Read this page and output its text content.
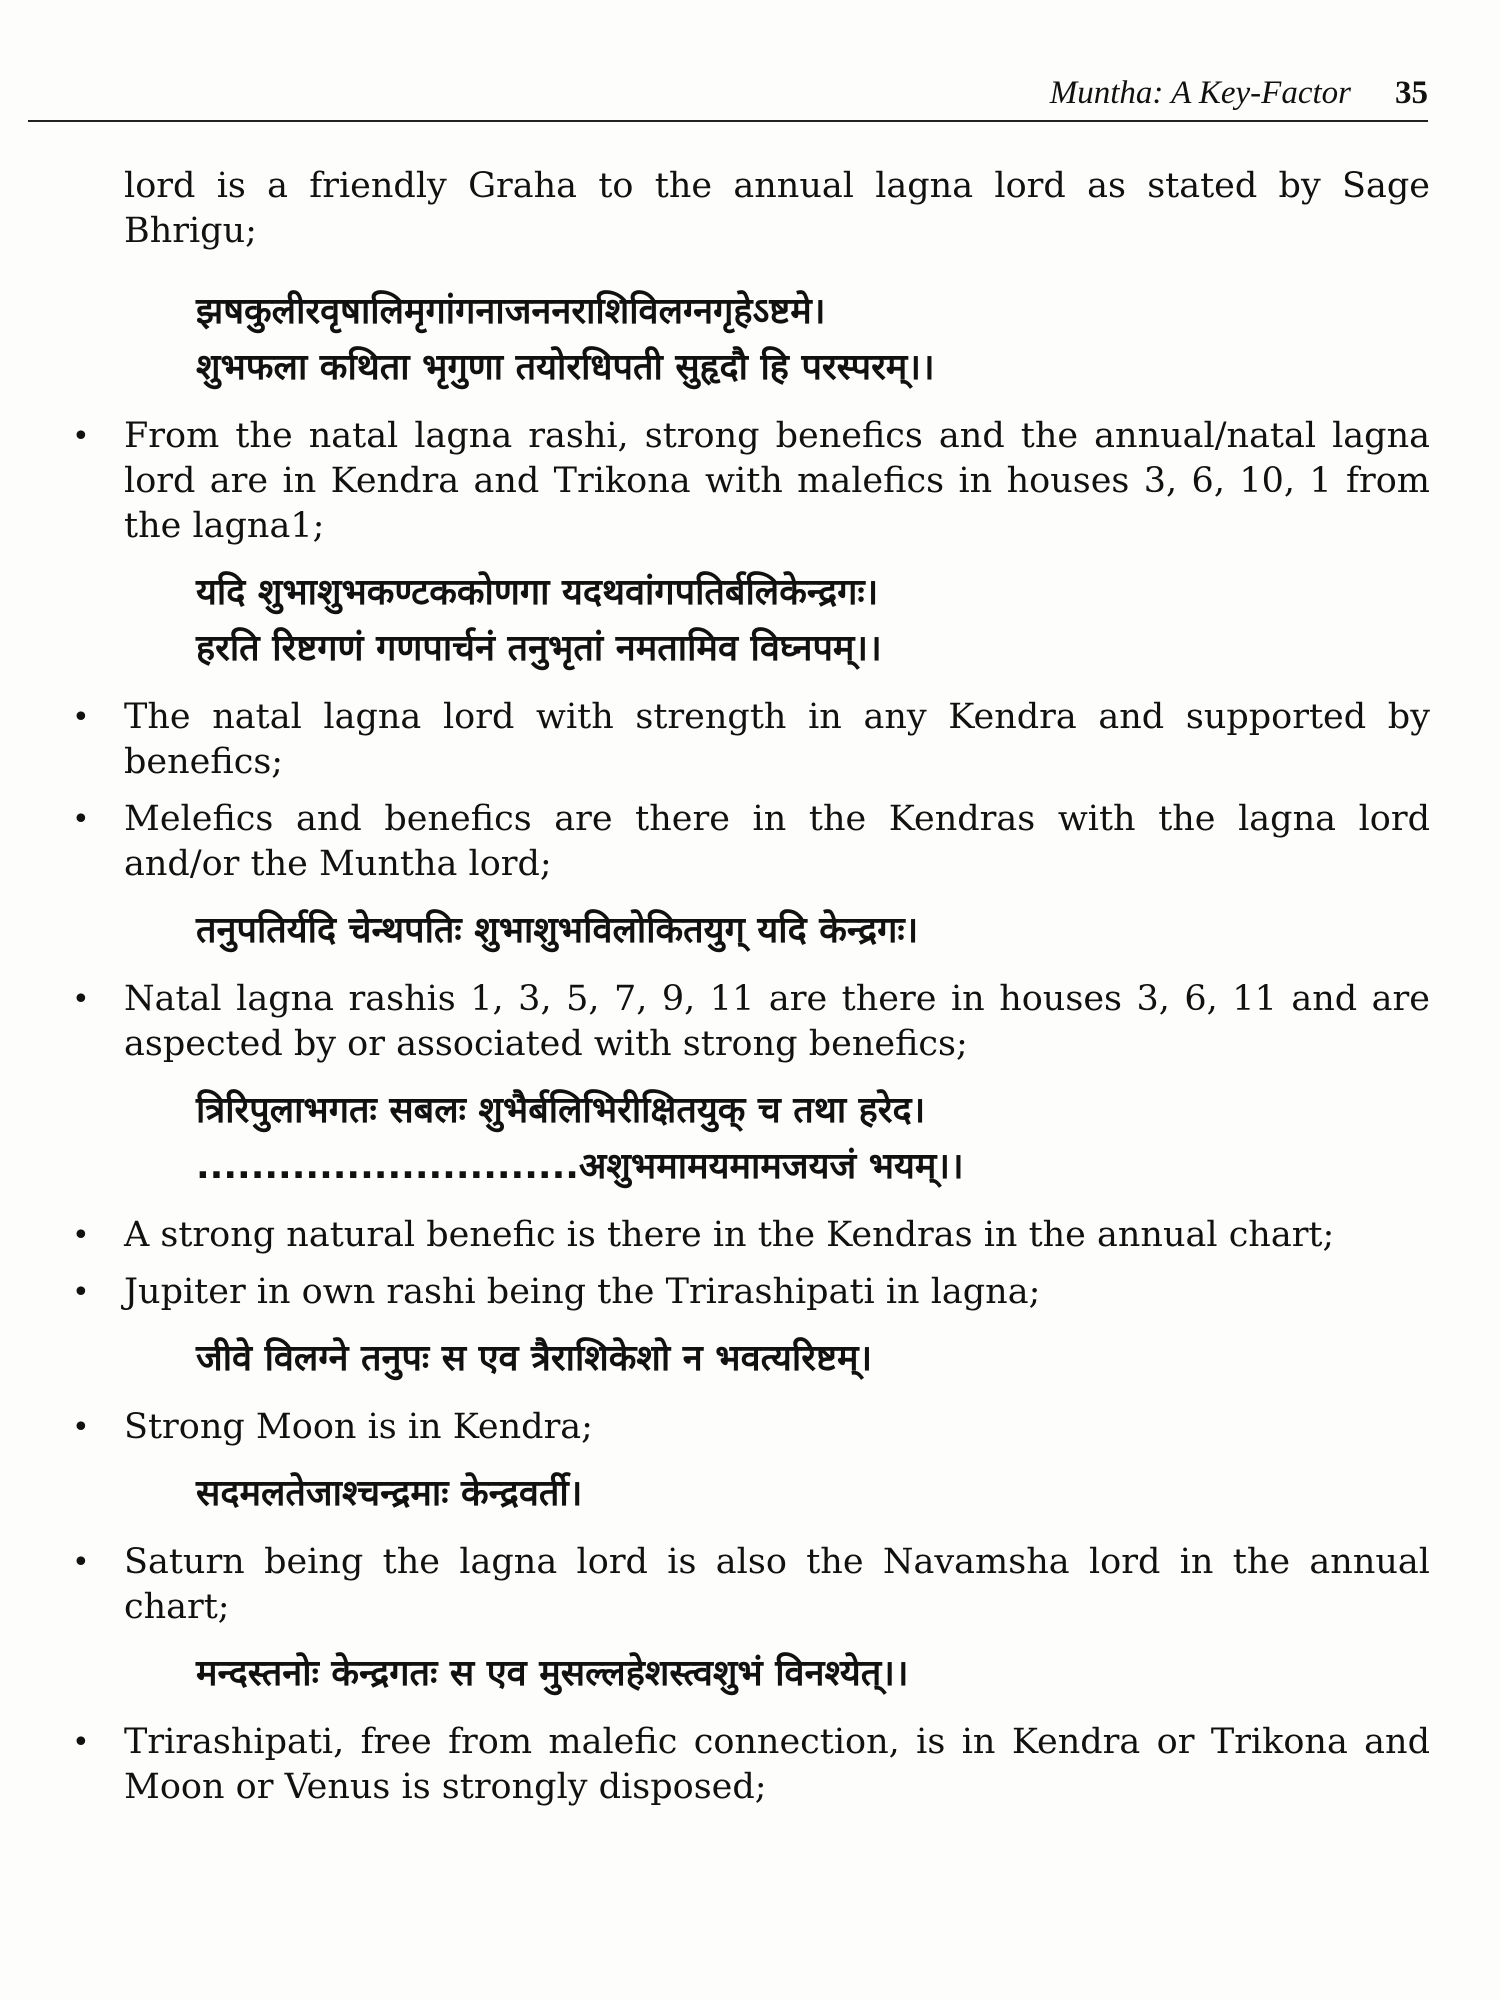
Muntha: A Key-Factor 35

lord is a friendly Graha to the annual lagna lord as stated by Sage Bhrigu;

झषकुलीरवृषालिमृगांगनाजननराशिविलग्नगृहेऽष्टमे।
शुभफला कथिता भृगुणा तयोरधिपती सुहृदौ हि परस्परम्।।

• From the natal lagna rashi, strong benefics and the annual/natal lagna lord are in Kendra and Trikona with malefics in houses 3, 6, 10, 1 from the lagna1;

यदि शुभाशुभकण्टककोणगा यदथवांगपतिर्बलिकेन्द्रगः।
हरति रिष्टगणं गणपार्चनं तनुभृतां नमतामिव विघ्नपम्।।

• The natal lagna lord with strength in any Kendra and supported by benefics;

• Melefics and benefics are there in the Kendras with the lagna lord and/or the Muntha lord;

तनुपतिर्यदि चेन्थपतिः शुभाशुभविलोकितयुग् यदि केन्द्रगः।

• Natal lagna rashis 1, 3, 5, 7, 9, 11 are there in houses 3, 6, 11 and are aspected by or associated with strong benefics;

त्रिरिपुलाभगतः सबलः शुभैर्बलिभिरीक्षितयुक् च तथा हरेद।
............................अशुभमामयमामजयजं भयम्।।

• A strong natural benefic is there in the Kendras in the annual chart;

• Jupiter in own rashi being the Trirashipati in lagna;

जीवे विलग्ने तनुपः स एव त्रैराशिकेशो न भवत्यरिष्टम्।

• Strong Moon is in Kendra;

सदमलतेजाश्चन्द्रमाः केन्द्रवर्ती।

• Saturn being the lagna lord is also the Navamsha lord in the annual chart;

मन्दस्तनोः केन्द्रगतः स एव मुसल्लहेशस्त्वशुभं विनश्येत्।।

• Trirashipati, free from malefic connection, is in Kendra or Trikona and Moon or Venus is strongly disposed;
